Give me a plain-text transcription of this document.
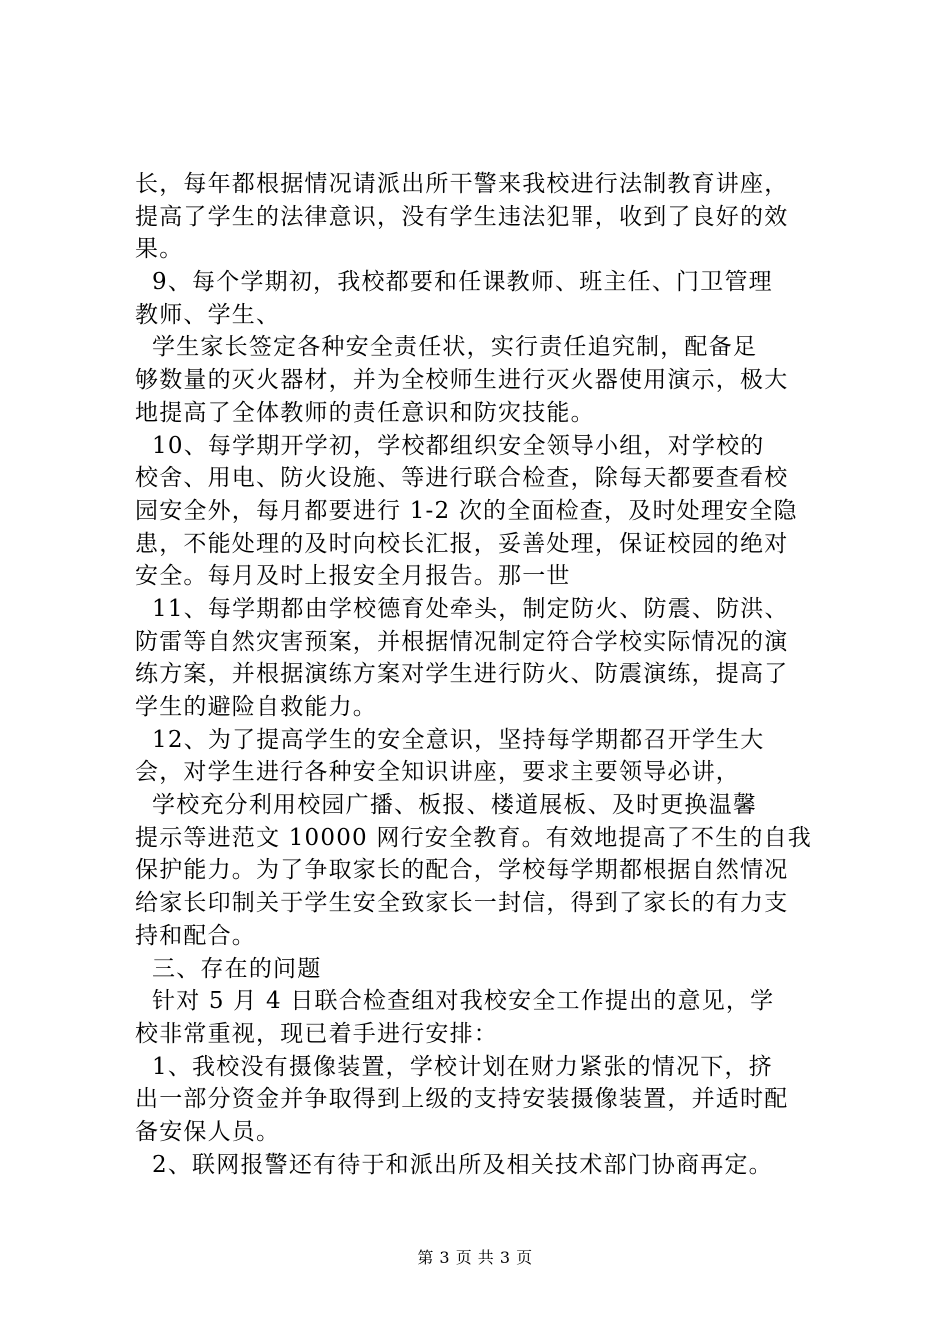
长，每年都根据情况请派出所干警来我校进行法制教育讲座，
提高了学生的法律意识，没有学生违法犯罪，收到了良好的效
果。
9、每个学期初，我校都要和任课教师、班主任、门卫管理
教师、学生、
学生家长签定各种安全责任状，实行责任追究制，配备足
够数量的灭火器材，并为全校师生进行灭火器使用演示，极大
地提高了全体教师的责任意识和防灾技能。
10、每学期开学初，学校都组织安全领导小组，对学校的
校舍、用电、防火设施、等进行联合检查，除每天都要查看校
园安全外，每月都要进行 1-2 次的全面检查，及时处理安全隐
患，不能处理的及时向校长汇报，妥善处理，保证校园的绝对
安全。每月及时上报安全月报告。那一世
11、每学期都由学校德育处牵头，制定防火、防震、防洪、
防雷等自然灾害预案，并根据情况制定符合学校实际情况的演
练方案，并根据演练方案对学生进行防火、防震演练，提高了
学生的避险自救能力。
12、为了提高学生的安全意识，坚持每学期都召开学生大
会，对学生进行各种安全知识讲座，要求主要领导必讲，
学校充分利用校园广播、板报、楼道展板、及时更换温馨
提示等进范文 10000 网行安全教育。有效地提高了不生的自我
保护能力。为了争取家长的配合，学校每学期都根据自然情况
给家长印制关于学生安全致家长一封信，得到了家长的有力支
持和配合。
三、存在的问题
针对 5 月 4 日联合检查组对我校安全工作提出的意见，学
校非常重视，现已着手进行安排：
1、我校没有摄像装置，学校计划在财力紧张的情况下，挤
出一部分资金并争取得到上级的支持安装摄像装置，并适时配
备安保人员。
2、联网报警还有待于和派出所及相关技术部门协商再定。
第 3 页 共 3 页
